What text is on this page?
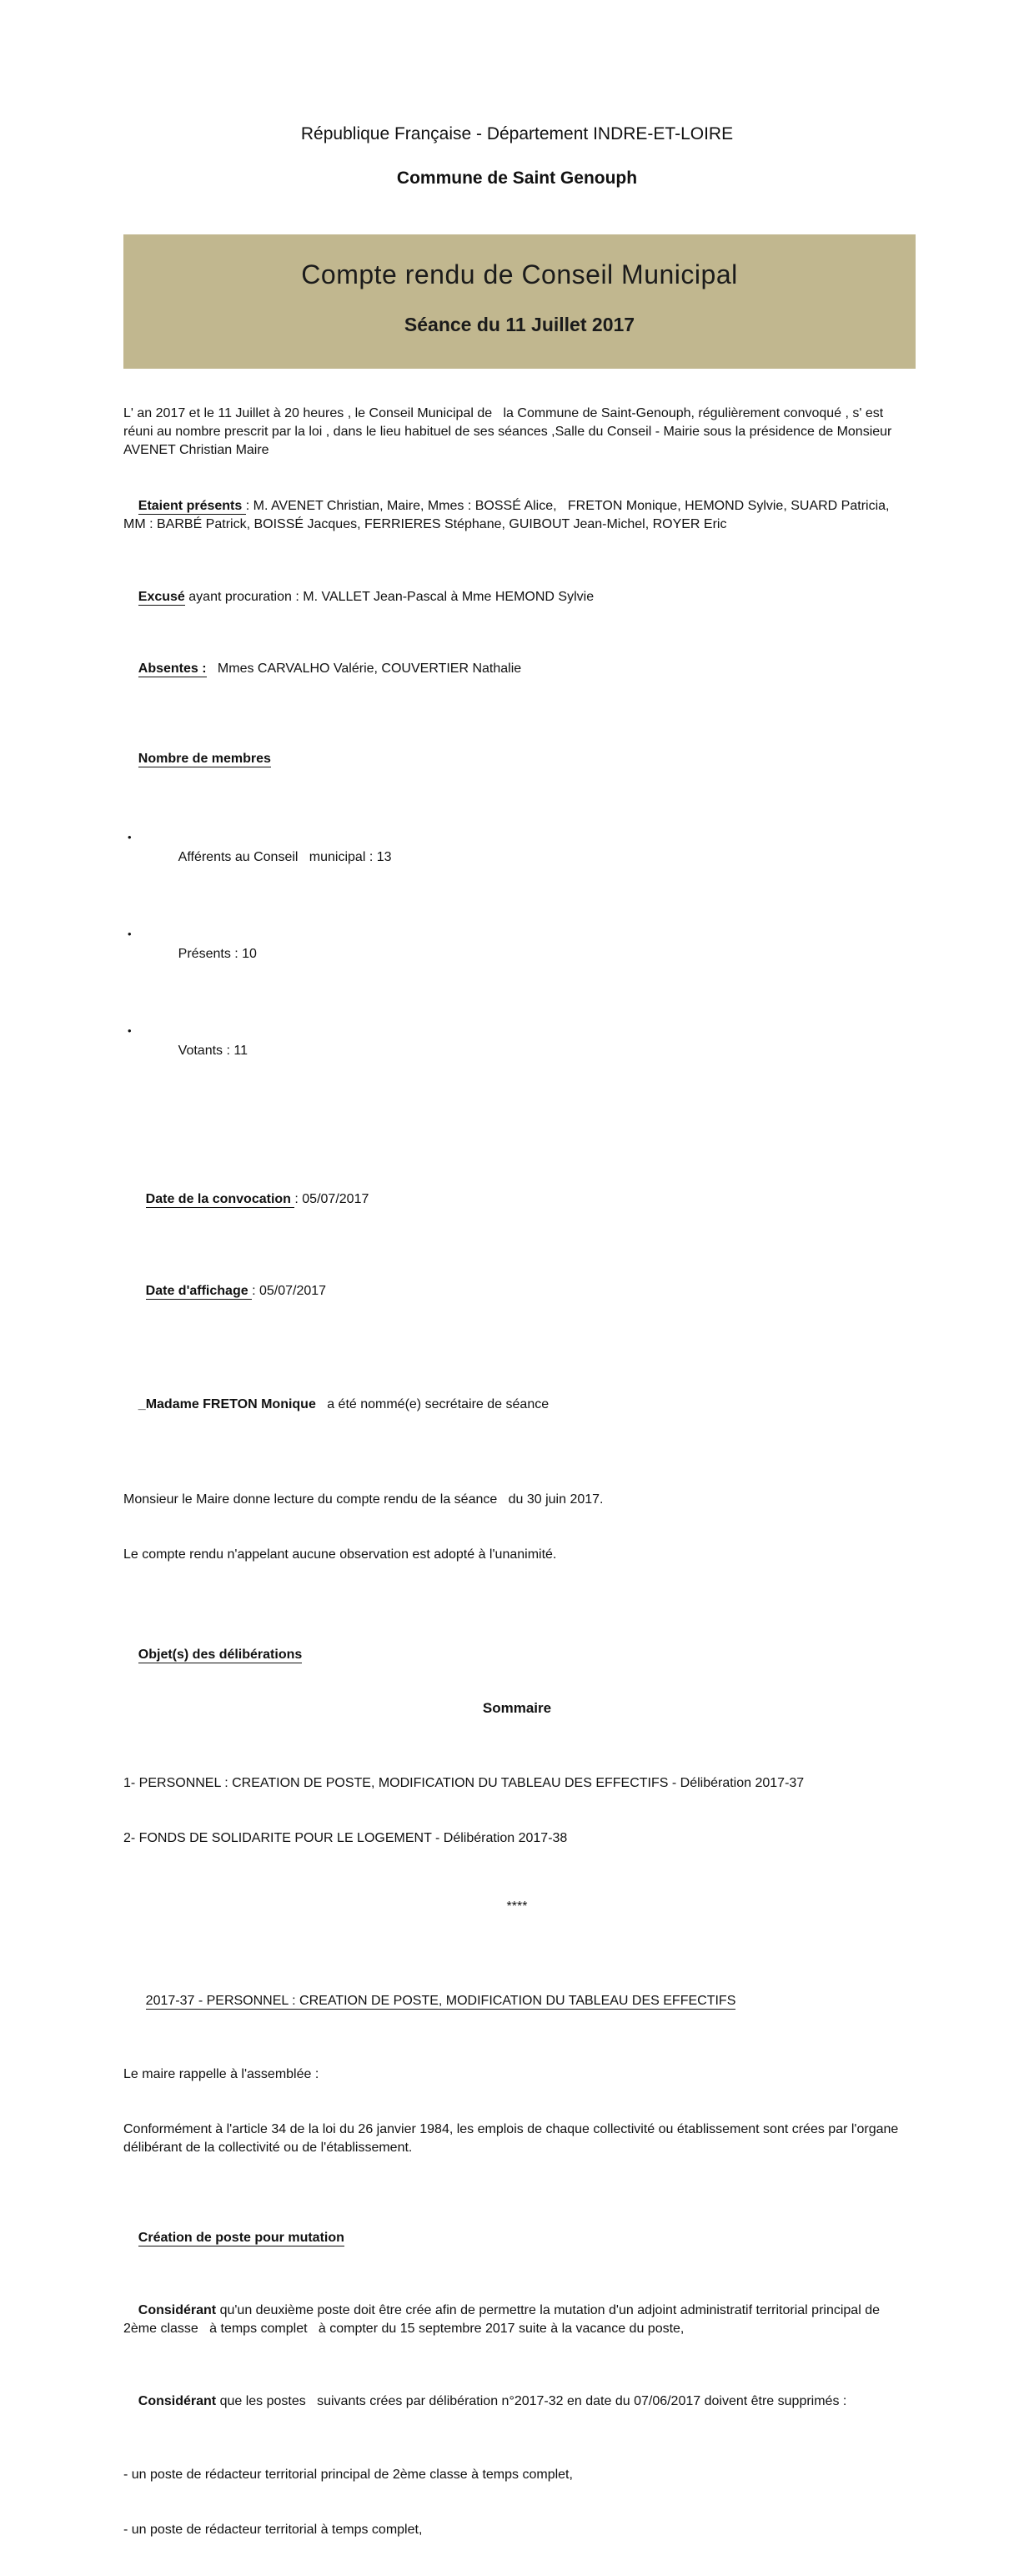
République Française - Département INDRE-ET-LOIRE
Commune de Saint Genouph
Compte rendu de Conseil Municipal
Séance du 11 Juillet 2017
L' an 2017 et le 11 Juillet à 20 heures , le Conseil Municipal de   la Commune de Saint-Genouph, régulièrement convoqué , s' est réuni au nombre prescrit par la loi , dans le lieu habituel de ses séances ,Salle du Conseil - Mairie sous la présidence de Monsieur   AVENET Christian Maire

Etaient présents : M. AVENET Christian, Maire, Mmes : BOSSÉ Alice,   FRETON Monique, HEMOND Sylvie, SUARD Patricia, MM : BARBÉ Patrick, BOISSÉ Jacques, FERRIERES Stéphane, GUIBOUT Jean-Michel, ROYER Eric

Excusé ayant procuration : M. VALLET Jean-Pascal à Mme HEMOND Sylvie

Absentes :   Mmes CARVALHO Valérie, COUVERTIER Nathalie

Nombre de membres

•
Afférents au Conseil   municipal : 13

•
Présents : 10

•
Votants : 11

Date de la convocation : 05/07/2017

Date d'affichage : 05/07/2017

_Madame FRETON Monique   a été nommé(e) secrétaire de séance

Monsieur le Maire donne lecture du compte rendu de la séance   du 30 juin 2017.

Le compte rendu n'appelant aucune observation est adopté à l'unanimité.

Objet(s) des délibérations

Sommaire

1- PERSONNEL : CREATION DE POSTE, MODIFICATION DU TABLEAU DES EFFECTIFS - Délibération 2017-37

2- FONDS DE SOLIDARITE POUR LE LOGEMENT - Délibération 2017-38

****

2017-37 - PERSONNEL : CREATION DE POSTE, MODIFICATION DU TABLEAU DES EFFECTIFS

Le maire rappelle à l'assemblée :

Conformément à l'article 34 de la loi du 26 janvier 1984, les emplois de chaque collectivité ou établissement sont crées par l'organe délibérant de la collectivité ou de l'établissement.

Création de poste pour mutation

Considérant qu'un deuxième poste doit être crée afin de permettre la mutation d'un adjoint administratif territorial principal de 2ème classe   à temps complet   à compter du 15 septembre 2017 suite à la vacance du poste,

Considérant que les postes   suivants crées par délibération n°2017-32 en date du 07/06/2017 doivent être supprimés :

- un poste de rédacteur territorial principal de 2ème classe à temps complet,

- un poste de rédacteur territorial à temps complet,
